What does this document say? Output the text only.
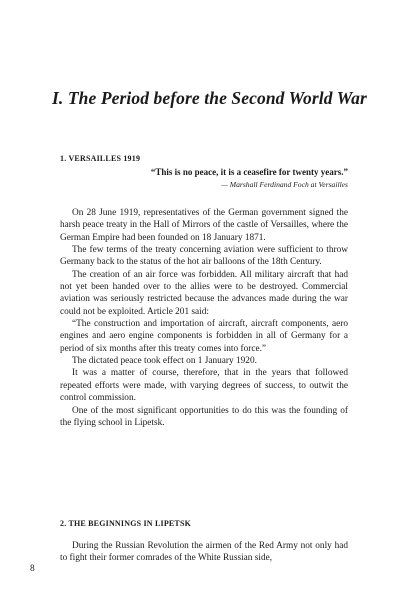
I. The Period before the Second World War
1. VERSAILLES 1919
“This is no peace, it is a ceasefire for twenty years.”
— Marshall Ferdinand Foch at Versailles

On 28 June 1919, representatives of the German government signed the harsh peace treaty in the Hall of Mirrors of the castle of Versailles, where the German Empire had been founded on 18 January 1871.

The few terms of the treaty concerning aviation were sufficient to throw Germany back to the status of the hot air balloons of the 18th Century.

The creation of an air force was forbidden. All military aircraft that had not yet been handed over to the allies were to be destroyed. Commercial aviation was seriously restricted because the advances made during the war could not be exploited. Article 201 said:

“The construction and importation of aircraft, aircraft components, aero engines and aero engine components is forbidden in all of Germany for a period of six months after this treaty comes into force.”

The dictated peace took effect on 1 January 1920.

It was a matter of course, therefore, that in the years that followed repeated efforts were made, with varying degrees of success, to outwit the control commission.

One of the most significant opportunities to do this was the founding of the flying school in Lipetsk.

2. THE BEGINNINGS IN LIPETSK

During the Russian Revolution the airmen of the Red Army not only had to fight their former comrades of the White Russian side,

8
